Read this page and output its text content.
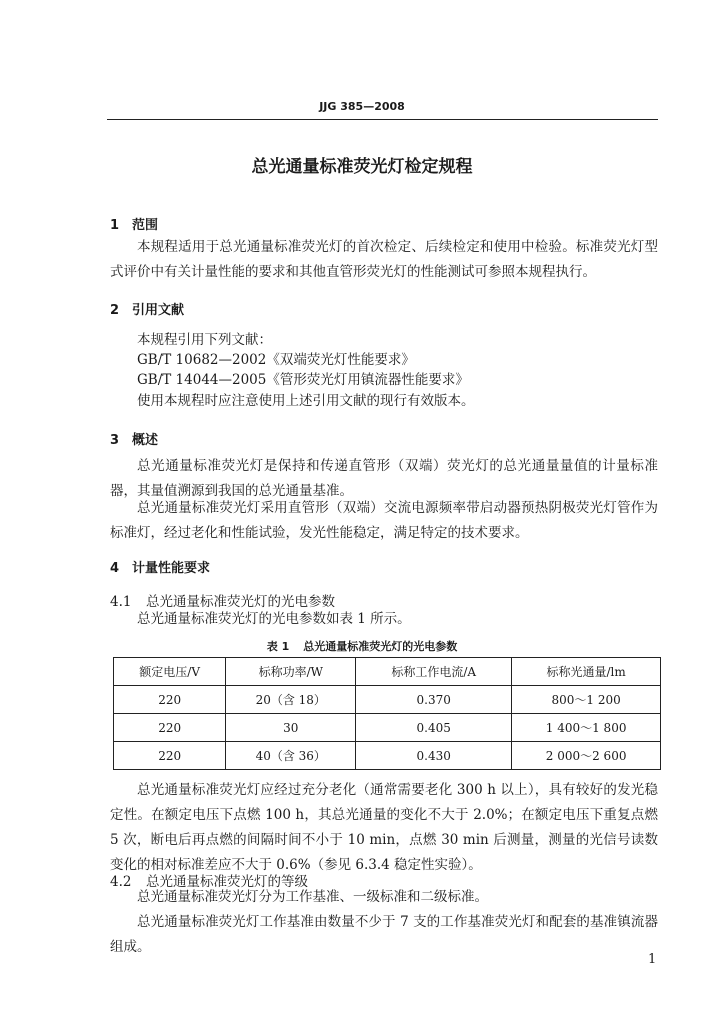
JJG 385—2008
总光通量标准荧光灯检定规程
1 范围
本规程适用于总光通量标准荧光灯的首次检定、后续检定和使用中检验。标准荧光灯型式评价中有关计量性能的要求和其他直管形荧光灯的性能测试可参照本规程执行。
2 引用文献
本规程引用下列文献：
GB/T 10682—2002《双端荧光灯性能要求》
GB/T 14044—2005《管形荧光灯用镇流器性能要求》
使用本规程时应注意使用上述引用文献的现行有效版本。
3 概述
总光通量标准荧光灯是保持和传递直管形（双端）荧光灯的总光通量量值的计量标准器，其量值溯源到我国的总光通量基准。
总光通量标准荧光灯采用直管形（双端）交流电源频率带启动器预热阴极荧光灯管作为标准灯，经过老化和性能试验，发光性能稳定，满足特定的技术要求。
4 计量性能要求
4.1 总光通量标准荧光灯的光电参数
总光通量标准荧光灯的光电参数如表 1 所示。
表 1 总光通量标准荧光灯的光电参数
额定电压/V	标称功率/W	标称工作电流/A	标称光通量/lm
220	20（含 18）	0.370	800～1 200
220	30	0.405	1 400～1 800
220	40（含 36）	0.430	2 000～2 600
总光通量标准荧光灯应经过充分老化（通常需要老化 300 h 以上），具有较好的发光稳定性。在额定电压下点燃 100 h，其总光通量的变化不大于 2.0%；在额定电压下重复点燃 5 次，断电后再点燃的间隔时间不小于 10 min，点燃 30 min 后测量，测量的光信号读数变化的相对标准差应不大于 0.6%（参见 6.3.4 稳定性实验）。
4.2 总光通量标准荧光灯的等级
总光通量标准荧光灯分为工作基准、一级标准和二级标准。
总光通量标准荧光灯工作基准由数量不少于 7 支的工作基准荧光灯和配套的基准镇流器组成。
1
